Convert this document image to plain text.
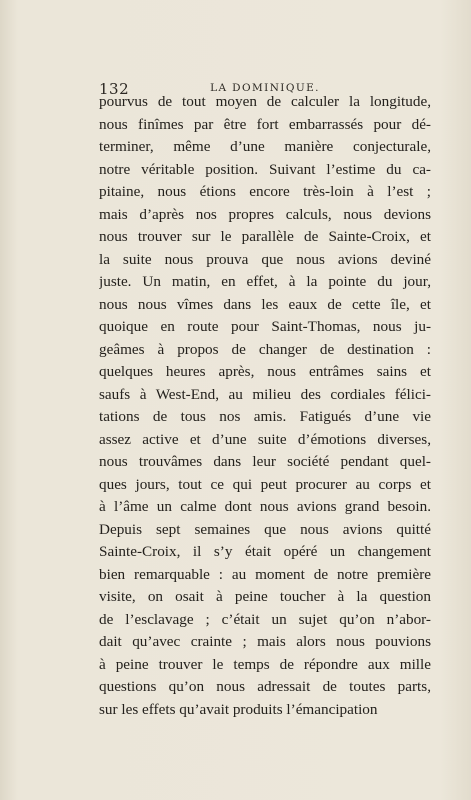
132	LA DOMINIQUE.
pourvus de tout moyen de calculer la longitude,
nous finîmes par être fort embarrassés pour dé-
terminer, même d’une manière conjecturale,
notre véritable position. Suivant l’estime du ca-
pitaine, nous étions encore très-loin à l’est ;
mais d’après nos propres calculs, nous devions
nous trouver sur le parallèle de Sainte-Croix, et
la suite nous prouva que nous avions deviné
juste. Un matin, en effet, à la pointe du jour,
nous nous vîmes dans les eaux de cette île, et
quoique en route pour Saint-Thomas, nous ju-
geâmes à propos de changer de destination :
quelques heures après, nous entrâmes sains et
saufs à West-End, au milieu des cordiales félici-
tations de tous nos amis. Fatigués d’une vie
assez active et d’une suite d’émotions diverses,
nous trouvâmes dans leur société pendant quel-
ques jours, tout ce qui peut procurer au corps et
à l’âme un calme dont nous avions grand besoin.
Depuis sept semaines que nous avions quitté
Sainte-Croix, il s’y était opéré un changement
bien remarquable : au moment de notre première
visite, on osait à peine toucher à la question
de l’esclavage ; c’était un sujet qu’on n’abor-
dait qu’avec crainte ; mais alors nous pouvions
à peine trouver le temps de répondre aux mille
questions qu’on nous adressait de toutes parts,
sur les effets qu’avait produits l’émancipation
